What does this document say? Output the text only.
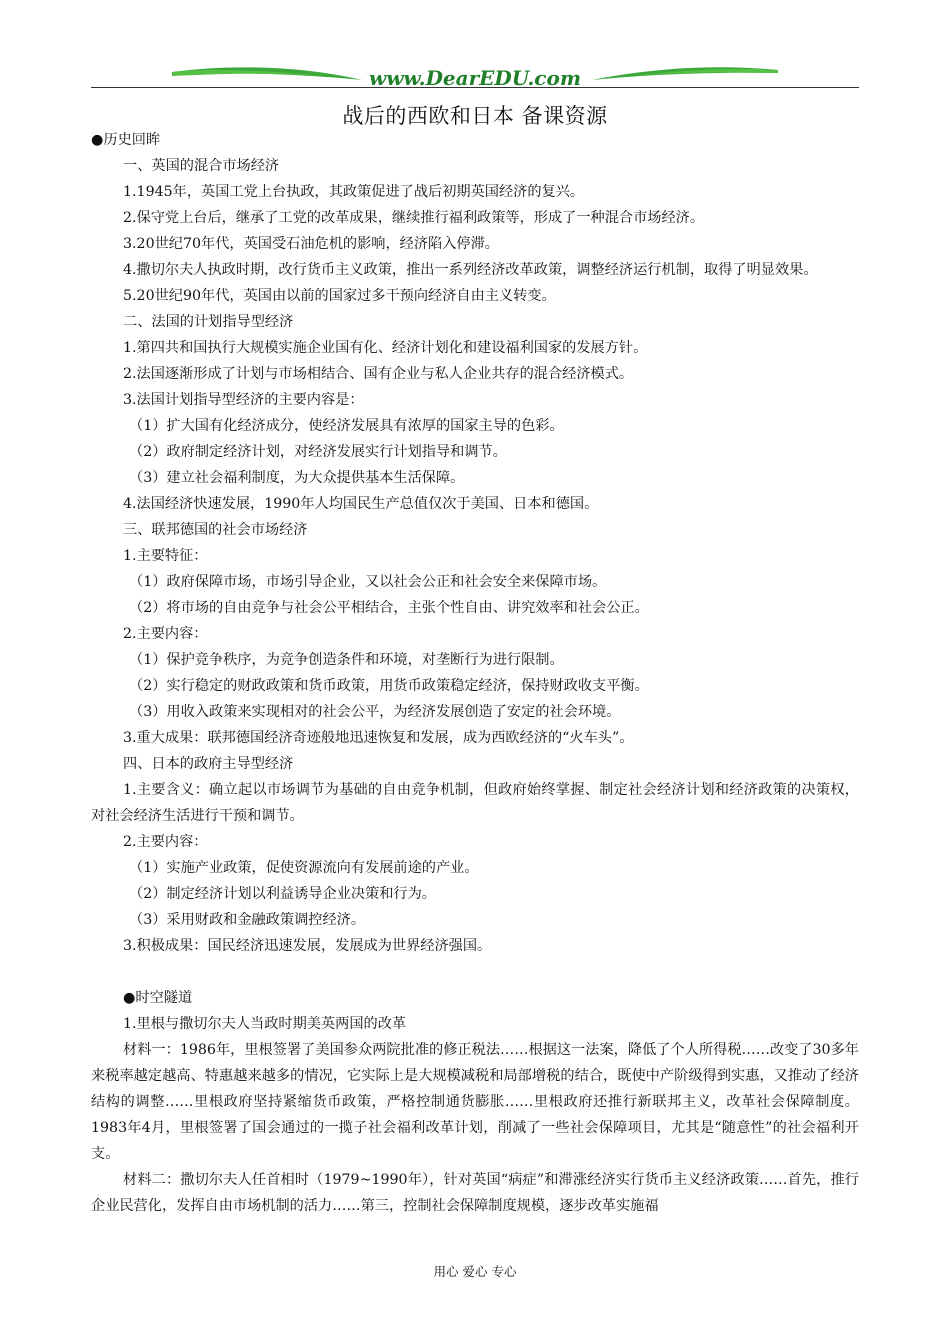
www.DearEDU.com
战后的西欧和日本 备课资源

●历史回眸

一、英国的混合市场经济

1.1945年，英国工党上台执政，其政策促进了战后初期英国经济的复兴。

2.保守党上台后，继承了工党的改革成果，继续推行福利政策等，形成了一种混合市场经济。

3.20世纪70年代，英国受石油危机的影响，经济陷入停滞。

4.撒切尔夫人执政时期，改行货币主义政策，推出一系列经济改革政策，调整经济运行机制，取得了明显效果。

5.20世纪90年代，英国由以前的国家过多干预向经济自由主义转变。

二、法国的计划指导型经济

1.第四共和国执行大规模实施企业国有化、经济计划化和建设福利国家的发展方针。

2.法国逐渐形成了计划与市场相结合、国有企业与私人企业共存的混合经济模式。

3.法国计划指导型经济的主要内容是：

（1）扩大国有化经济成分，使经济发展具有浓厚的国家主导的色彩。

（2）政府制定经济计划，对经济发展实行计划指导和调节。

（3）建立社会福利制度，为大众提供基本生活保障。

4.法国经济快速发展，1990年人均国民生产总值仅次于美国、日本和德国。

三、联邦德国的社会市场经济

1.主要特征：

（1）政府保障市场，市场引导企业，又以社会公正和社会安全来保障市场。

（2）将市场的自由竞争与社会公平相结合，主张个性自由、讲究效率和社会公正。

2.主要内容：

（1）保护竞争秩序，为竞争创造条件和环境，对垄断行为进行限制。

（2）实行稳定的财政政策和货币政策，用货币政策稳定经济，保持财政收支平衡。

（3）用收入政策来实现相对的社会公平，为经济发展创造了安定的社会环境。

3.重大成果：联邦德国经济奇迹般地迅速恢复和发展，成为西欧经济的“火车头”。

四、日本的政府主导型经济

1.主要含义：确立起以市场调节为基础的自由竞争机制，但政府始终掌握、制定社会经济计划和经济政策的决策权，对社会经济生活进行干预和调节。

2.主要内容：

（1）实施产业政策，促使资源流向有发展前途的产业。

（2）制定经济计划以利益诱导企业决策和行为。

（3）采用财政和金融政策调控经济。

3.积极成果：国民经济迅速发展，发展成为世界经济强国。

●时空隧道

1.里根与撒切尔夫人当政时期美英两国的改革

材料一：1986年，里根签署了美国参众两院批准的修正税法……根据这一法案，降低了个人所得税……改变了30多年来税率越定越高、特惠越来越多的情况，它实际上是大规模减税和局部增税的结合，既使中产阶级得到实惠，又推动了经济结构的调整……里根政府坚持紧缩货币政策，严格控制通货膨胀……里根政府还推行新联邦主义，改革社会保障制度。1983年4月，里根签署了国会通过的一揽子社会福利改革计划，削减了一些社会保障项目，尤其是“随意性”的社会福利开支。

材料二：撒切尔夫人任首相时（1979~1990年），针对英国“病症”和滞涨经济实行货币主义经济政策……首先，推行企业民营化，发挥自由市场机制的活力……第三，控制社会保障制度规模，逐步改革实施福

用心 爱心 专心
